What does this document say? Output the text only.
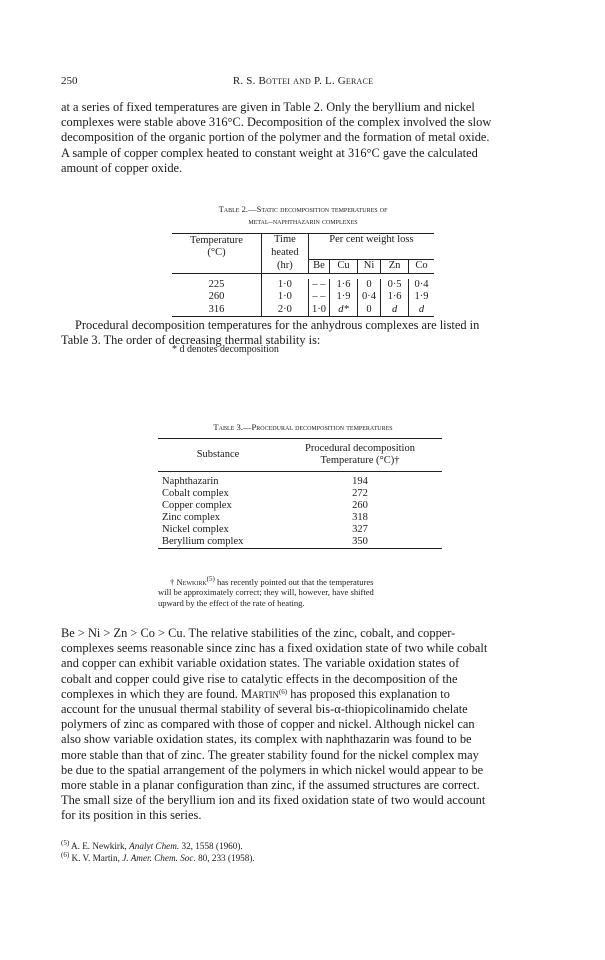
250	R. S. Bottei and P. L. Gerace
at a series of fixed temperatures are given in Table 2. Only the beryllium and nickel
complexes were stable above 316°C. Decomposition of the complex involved the slow
decomposition of the organic portion of the polymer and the formation of metal oxide.
A sample of copper complex heated to constant weight at 316°C gave the calculated
amount of copper oxide.
Table 2.—Static decomposition temperatures of
metal–naphthazarin complexes
Temperature	Time	Per cent weight loss				
(°C)	heated					
	(hr)	Be	Cu	Ni	Zn	Co

225	1·0	– –	1·6	0	0·5	0·4
260	1·0	– –	1·9	0·4	1·6	1·9
316	2·0	1·0	d*	0	d	d
* d denotes decomposition
Procedural decomposition temperatures for the anhydrous complexes are listed in
Table 3. The order of decreasing thermal stability is:
Table 3.—Procedural decomposition temperatures
Substance	Procedural decomposition
	Temperature (°C)†

Naphthazarin	194
Cobalt complex	272
Copper complex	260
Zinc complex	318
Nickel complex	327
Beryllium complex	350
† Newkirk$^{(5)}$ has recently pointed out that the temperatures
will be approximately correct; they will, however, have shifted
upward by the effect of the rate of heating.
Be > Ni > Zn > Co > Cu. The relative stabilities of the zinc, cobalt, and copper-
complexes seems reasonable since zinc has a fixed oxidation state of two while cobalt
and copper can exhibit variable oxidation states. The variable oxidation states of
cobalt and copper could give rise to catalytic effects in the decomposition of the
complexes in which they are found. Martin$^{(6)}$ has proposed this explanation to
account for the unusual thermal stability of several bis-α-thiopicolinamido chelate
polymers of zinc as compared with those of copper and nickel. Although nickel can
also show variable oxidation states, its complex with naphthazarin was found to be
more stable than that of zinc. The greater stability found for the nickel complex may
be due to the spatial arrangement of the polymers in which nickel would appear to be
more stable in a planar configuration than zinc, if the assumed structures are correct.
The small size of the beryllium ion and its fixed oxidation state of two would account
for its position in this series.
$^{(5)}$ A. E. Newkirk, Analyt Chem. 32, 1558 (1960).
$^{(6)}$ K. V. Martin, J. Amer. Chem. Soc. 80, 233 (1958).
